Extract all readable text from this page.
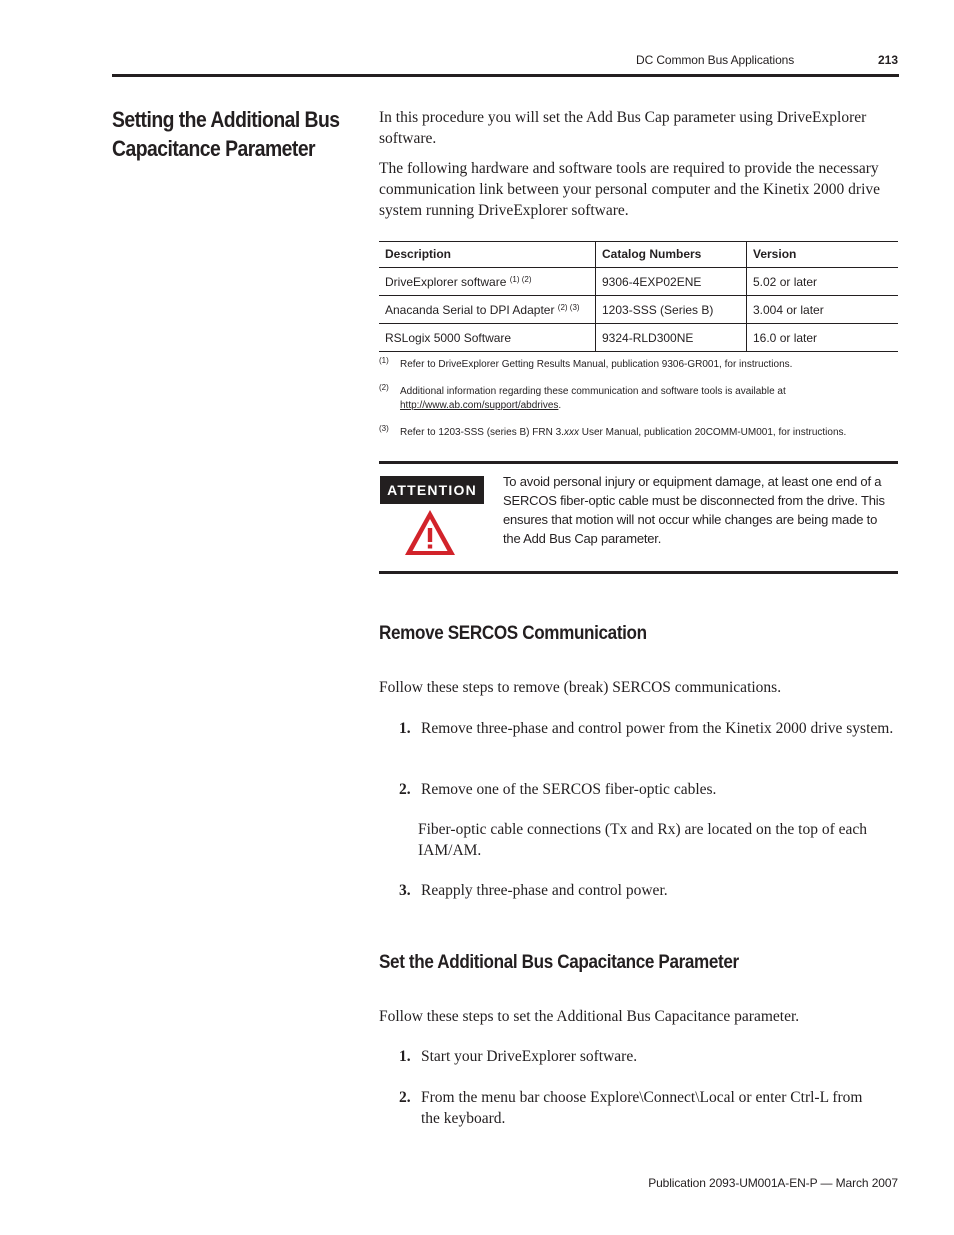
DC Common Bus Applications	213
Setting the Additional Bus Capacitance Parameter

In this procedure you will set the Add Bus Cap parameter using DriveExplorer software.

The following hardware and software tools are required to provide the necessary communication link between your personal computer and the Kinetix 2000 drive system running DriveExplorer software.

Description	Catalog Numbers	Version
DriveExplorer software $^{(1) (2)}$	9306-4EXP02ENE	5.02 or later
Anacanda Serial to DPI Adapter $^{(2) (3)}$	1203-SSS (Series B)	3.004 or later
RSLogix 5000 Software	9324-RLD300NE	16.0 or later
(1) Refer to DriveExplorer Getting Results Manual, publication 9306-GR001, for instructions.
(2) Additional information regarding these communication and software tools is available at
http://www.ab.com/support/abdrives.
(3) Refer to 1203-SSS (series B) FRN 3.xxx User Manual, publication 20COMM-UM001, for instructions.
ATTENTION
To avoid personal injury or equipment damage, at least one end of a SERCOS fiber-optic cable must be disconnected from the drive. This ensures that motion will not occur while changes are being made to the Add Bus Cap parameter.
Remove SERCOS Communication

Follow these steps to remove (break) SERCOS communications.

1. Remove three-phase and control power from the Kinetix 2000 drive system.
2. Remove one of the SERCOS fiber-optic cables.

Fiber-optic cable connections (Tx and Rx) are located on the top of each IAM/AM.

3. Reapply three-phase and control power.
Set the Additional Bus Capacitance Parameter

Follow these steps to set the Additional Bus Capacitance parameter.

1. Start your DriveExplorer software.
2. From the menu bar choose Explore\Connect\Local or enter Ctrl-L from the keyboard.
Publication 2093-UM001A-EN-P — March 2007
